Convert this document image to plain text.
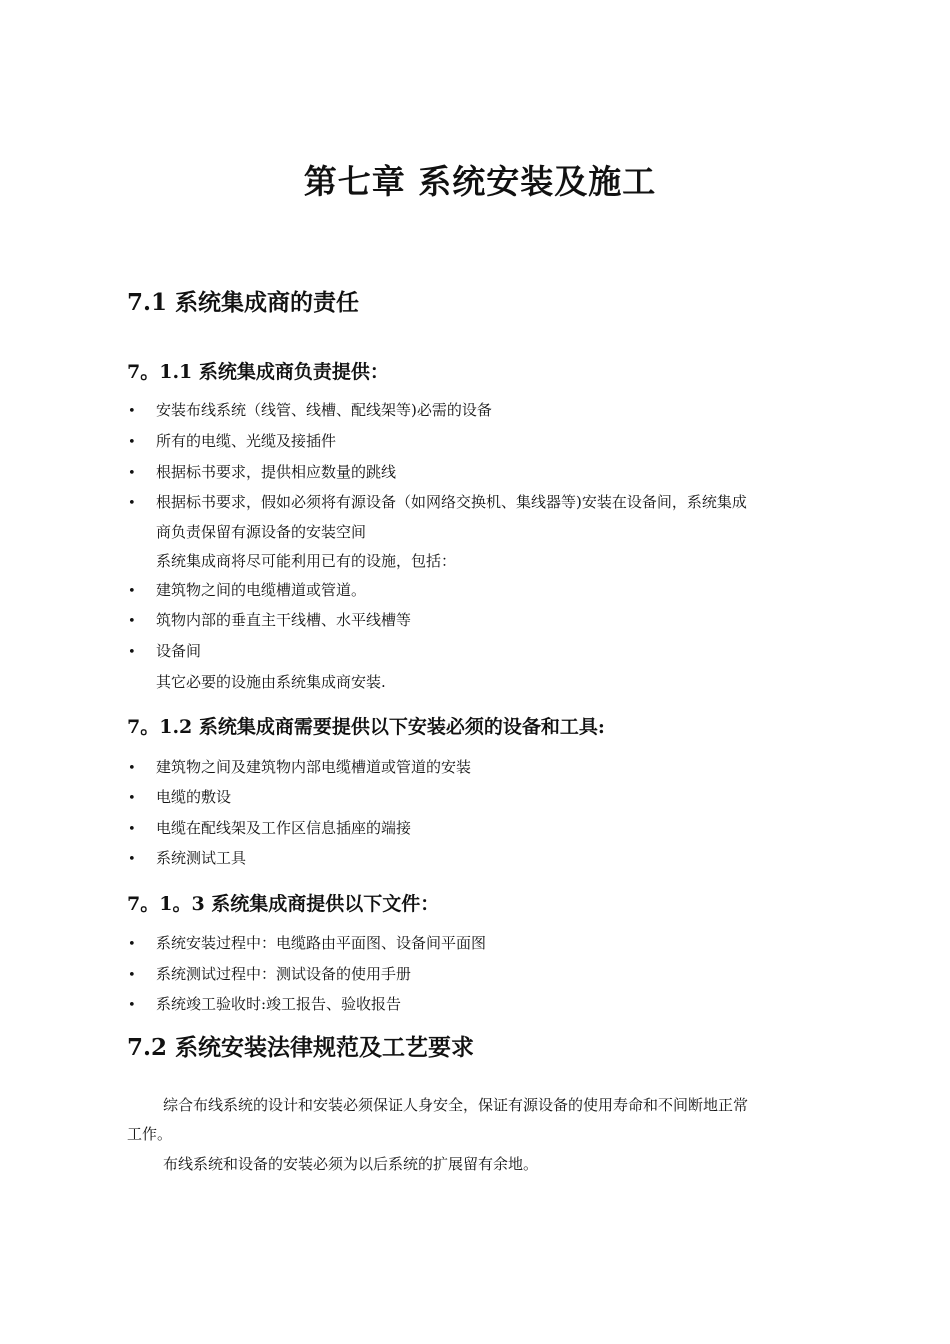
第七章 系统安装及施工
7.1 系统集成商的责任
7。1.1 系统集成商负责提供：
• 安装布线系统（线管、线槽、配线架等)必需的设备
• 所有的电缆、光缆及接插件
• 根据标书要求，提供相应数量的跳线
• 根据标书要求，假如必须将有源设备（如网络交换机、集线器等)安装在设备间，系统集成
商负责保留有源设备的安装空间
系统集成商将尽可能利用已有的设施，包括：
• 建筑物之间的电缆槽道或管道。
• 筑物内部的垂直主干线槽、水平线槽等
• 设备间
其它必要的设施由系统集成商安装.
7。1.2 系统集成商需要提供以下安装必须的设备和工具:
• 建筑物之间及建筑物内部电缆槽道或管道的安装
• 电缆的敷设
• 电缆在配线架及工作区信息插座的端接
• 系统测试工具
7。1。3 系统集成商提供以下文件：
• 系统安装过程中：电缆路由平面图、设备间平面图
• 系统测试过程中：测试设备的使用手册
• 系统竣工验收时:竣工报告、验收报告
7.2 系统安装法律规范及工艺要求
综合布线系统的设计和安装必须保证人身安全，保证有源设备的使用寿命和不间断地正常
工作。
布线系统和设备的安装必须为以后系统的扩展留有余地。
